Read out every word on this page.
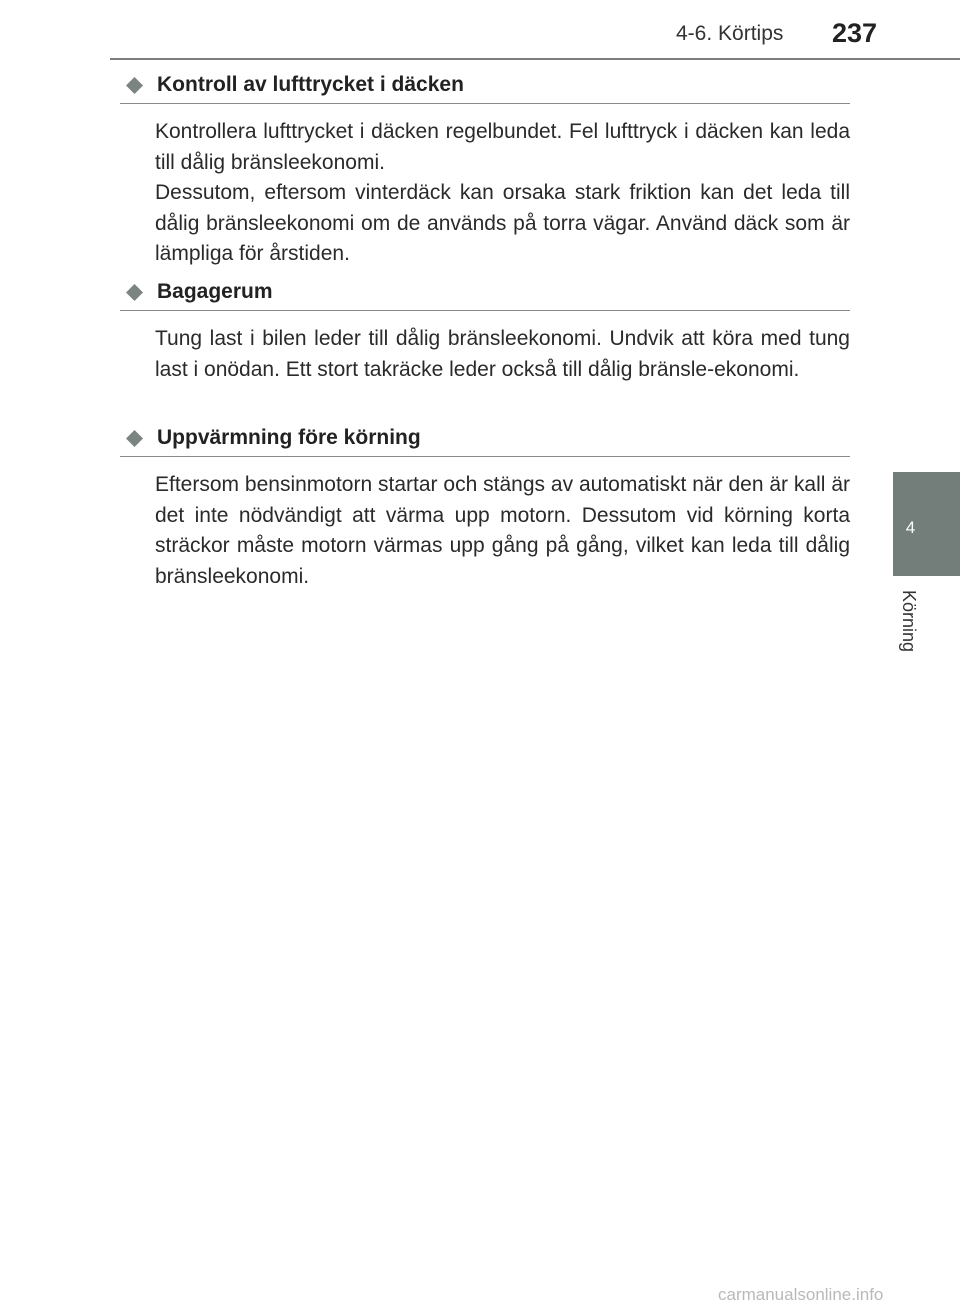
4-6. Körtips 237
4
Körning
Kontroll av lufttrycket i däcken

Kontrollera lufttrycket i däcken regelbundet. Fel lufttryck i däcken kan leda till dålig bränsleekonomi.

Dessutom, eftersom vinterdäck kan orsaka stark friktion kan det leda till dålig bränsleekonomi om de används på torra vägar. Använd däck som är lämpliga för årstiden.

Bagagerum

Tung last i bilen leder till dålig bränsleekonomi. Undvik att köra med tung last i onödan. Ett stort takräcke leder också till dålig bränsle-ekonomi.

Uppvärmning före körning

Eftersom bensinmotorn startar och stängs av automatiskt när den är kall är det inte nödvändigt att värma upp motorn. Dessutom vid körning korta sträckor måste motorn värmas upp gång på gång, vilket kan leda till dålig bränsleekonomi.

carmanualsonline.info
